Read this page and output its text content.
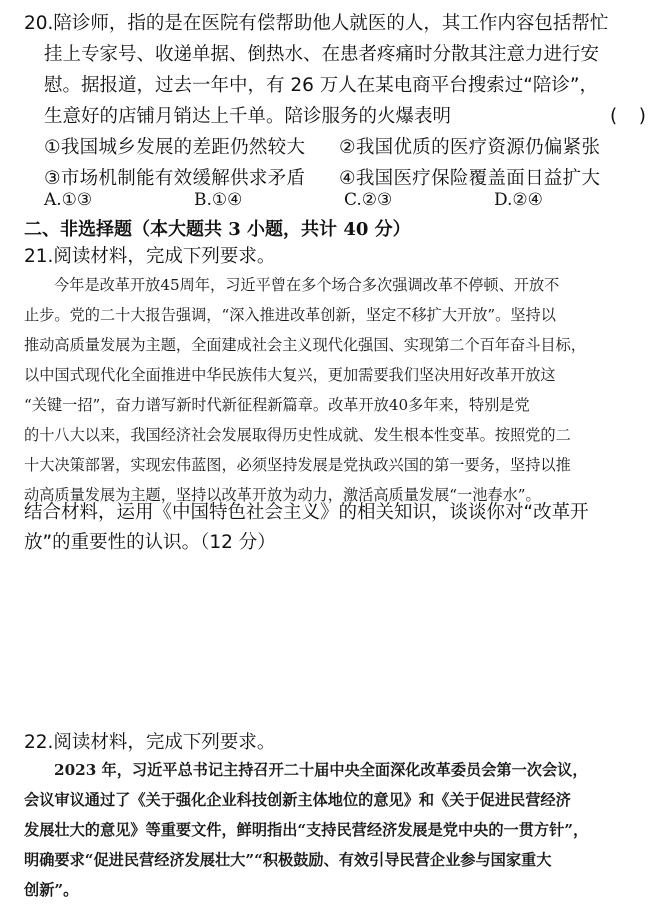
20.陪诊师，指的是在医院有偿帮助他人就医的人，其工作内容包括帮忙
挂上专家号、收递单据、倒热水、在患者疼痛时分散其注意力进行安
慰。据报道，过去一年中，有 26 万人在某电商平台搜索过“陪诊”，
生意好的店铺月销达上千单。陪诊服务的火爆表明	( )
①我国城乡发展的差距仍然较大	②我国优质的医疗资源仍偏紧张
③市场机制能有效缓解供求矛盾	④我国医疗保险覆盖面日益扩大
A.①③	B.①④	C.②③	D.②④
二、非选择题（本大题共 3 小题，共计 40 分）
21.阅读材料，完成下列要求。
今年是改革开放45周年，习近平曾在多个场合多次强调改革不停顿、开放不
止步。党的二十大报告强调，“深入推进改革创新，坚定不移扩大开放”。坚持以
推动高质量发展为主题，全面建成社会主义现代化强国、实现第二个百年奋斗目标，
以中国式现代化全面推进中华民族伟大复兴，更加需要我们坚决用好改革开放这
“关键一招”，奋力谱写新时代新征程新篇章。改革开放40多年来，特别是党
的十八大以来，我国经济社会发展取得历史性成就、发生根本性变革。按照党的二
十大决策部署，实现宏伟蓝图，必须坚持发展是党执政兴国的第一要务，坚持以推
动高质量发展为主题，坚持以改革开放为动力，激活高质量发展“一池春水”。
结合材料，运用《中国特色社会主义》的相关知识，谈谈你对“改革开
放”的重要性的认识。（12 分）
22.阅读材料，完成下列要求。
2023 年，习近平总书记主持召开二十届中央全面深化改革委员会第一次会议，
会议审议通过了《关于强化企业科技创新主体地位的意见》和《关于促进民营经济
发展壮大的意见》等重要文件，鲜明指出“支持民营经济发展是党中央的一贯方针”，
明确要求“促进民营经济发展壮大”“积极鼓励、有效引导民营企业参与国家重大
创新”。
